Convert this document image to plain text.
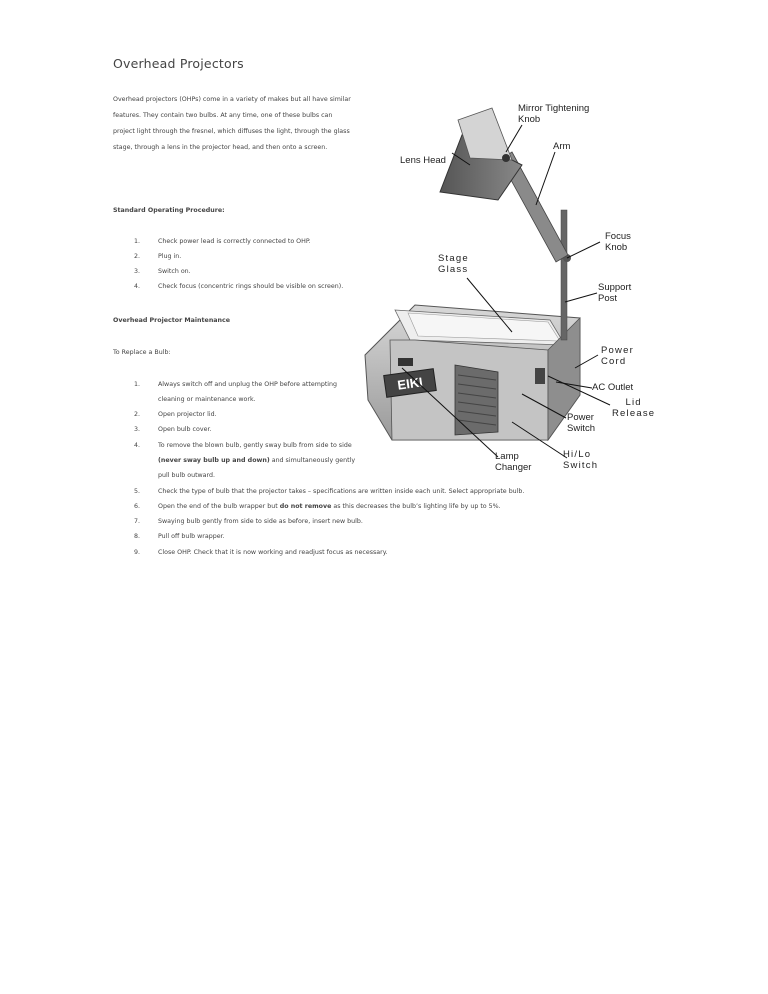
Overhead Projectors
Overhead projectors (OHPs) come in a variety of makes but all have similar
features. They contain two bulbs. At any time, one of these bulbs can
project light through the fresnel, which diffuses the light, through the glass
stage, through a lens in the projector head, and then onto a screen.
Standard Operating Procedure:
1.	Check power lead is correctly connected to OHP.
2.	Plug in.
3.	Switch on.
4.	Check focus (concentric rings should be visible on screen).
Overhead Projector Maintenance
To Replace a Bulb:
1.	Always switch off and unplug the OHP before attempting
cleaning or maintenance work.
2.	Open projector lid.
3.	Open bulb cover.
4.	To remove the blown bulb, gently sway bulb from side to side
(never sway bulb up and down) and simultaneously gently
pull bulb outward.
5.	Check the type of bulb that the projector takes – specifications are written inside each unit. Select appropriate bulb.
6.	Open the end of the bulb wrapper but do not remove as this decreases the bulb’s lighting life by up to 5%.
7.	Swaying bulb gently from side to side as before, insert new bulb.
8.	Pull off bulb wrapper.
9.	Close OHP. Check that it is now working and readjust focus as necessary.
EIKI
Mirror Tightening
Knob
Arm
Lens Head
Focus
Knob
Stage
Glass
Support
Post
Power
Cord
AC Outlet
Lid
Release
Power
Switch
Lamp
Changer
Hi/Lo
Switch
